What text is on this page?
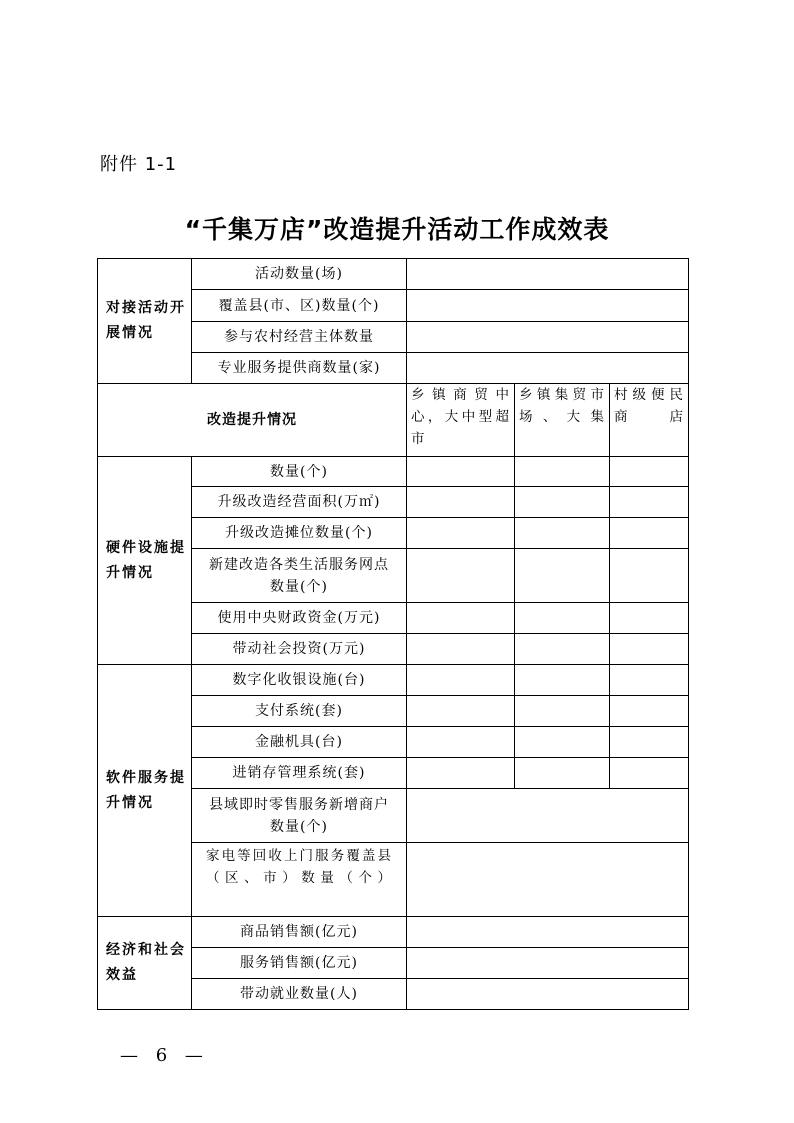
附件 1-1
“千集万店”改造提升活动工作成效表
对接活动开展情况	活动数量(场)			
	覆盖县(市、区)数量(个)			
	参与农村经营主体数量			
	专业服务提供商数量(家)			
改造提升情况		乡镇商贸中心，大中型超市	乡镇集贸市场、大集	村级便民商店
硬件设施提升情况	数量(个)			
	升级改造经营面积(万㎡)			
	升级改造摊位数量(个)			
	新建改造各类生活服务网点数量(个)			
	使用中央财政资金(万元)			
	带动社会投资(万元)			
软件服务提升情况	数字化收银设施(台)			
	支付系统(套)			
	金融机具(台)			
	进销存管理系统(套)			
	县域即时零售服务新增商户数量(个)			
	家电等回收上门服务覆盖县（区、市）数量（个）			
经济和社会效益	商品销售额(亿元)			
	服务销售额(亿元)			
	带动就业数量(人)			
— 6 —
